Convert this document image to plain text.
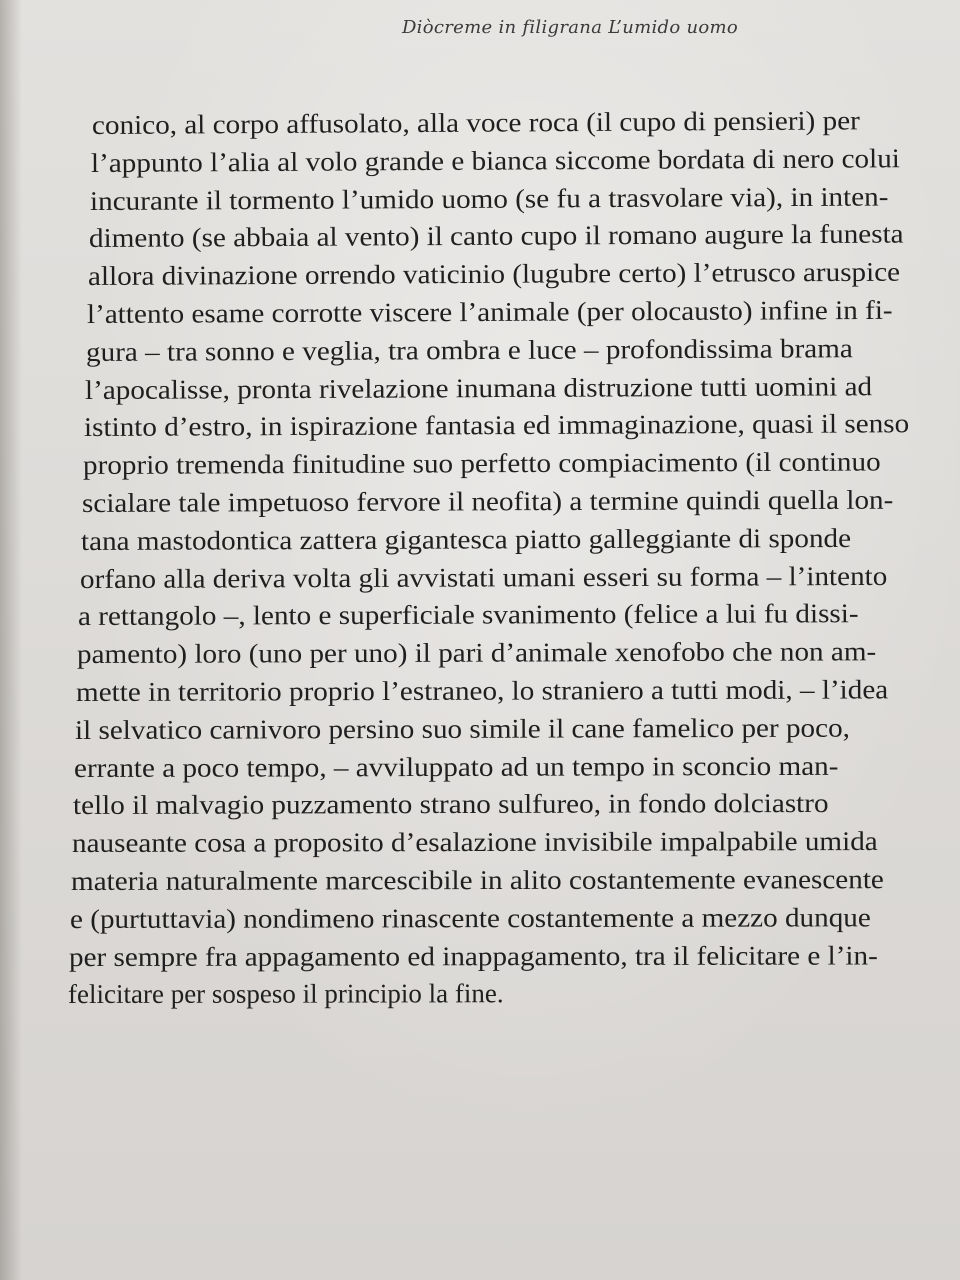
Diòcreme in filigrana L’umido uomo
conico, al corpo affusolato, alla voce roca (il cupo di pensieri) per
l’appunto l’alia al volo grande e bianca siccome bordata di nero colui
incurante il tormento l’umido uomo (se fu a trasvolare via), in inten-
dimento (se abbaia al vento) il canto cupo il romano augure la funesta
allora divinazione orrendo vaticinio (lugubre certo) l’etrusco aruspice
l’attento esame corrotte viscere l’animale (per olocausto) infine in fi-
gura – tra sonno e veglia, tra ombra e luce – profondissima brama
l’apocalisse, pronta rivelazione inumana distruzione tutti uomini ad
istinto d’estro, in ispirazione fantasia ed immaginazione, quasi il senso
proprio tremenda finitudine suo perfetto compiacimento (il continuo
scialare tale impetuoso fervore il neofita) a termine quindi quella lon-
tana mastodontica zattera gigantesca piatto galleggiante di sponde
orfano alla deriva volta gli avvistati umani esseri su forma – l’intento
a rettangolo –, lento e superficiale svanimento (felice a lui fu dissi-
pamento) loro (uno per uno) il pari d’animale xenofobo che non am-
mette in territorio proprio l’estraneo, lo straniero a tutti modi, – l’idea
il selvatico carnivoro persino suo simile il cane famelico per poco,
errante a poco tempo, – avviluppato ad un tempo in sconcio man-
tello il malvagio puzzamento strano sulfureo, in fondo dolciastro
nauseante cosa a proposito d’esalazione invisibile impalpabile umida
materia naturalmente marcescibile in alito costantemente evanescente
e (purtuttavia) nondimeno rinascente costantemente a mezzo dunque
per sempre fra appagamento ed inappagamento, tra il felicitare e l’in-
felicitare per sospeso il principio la fine.
